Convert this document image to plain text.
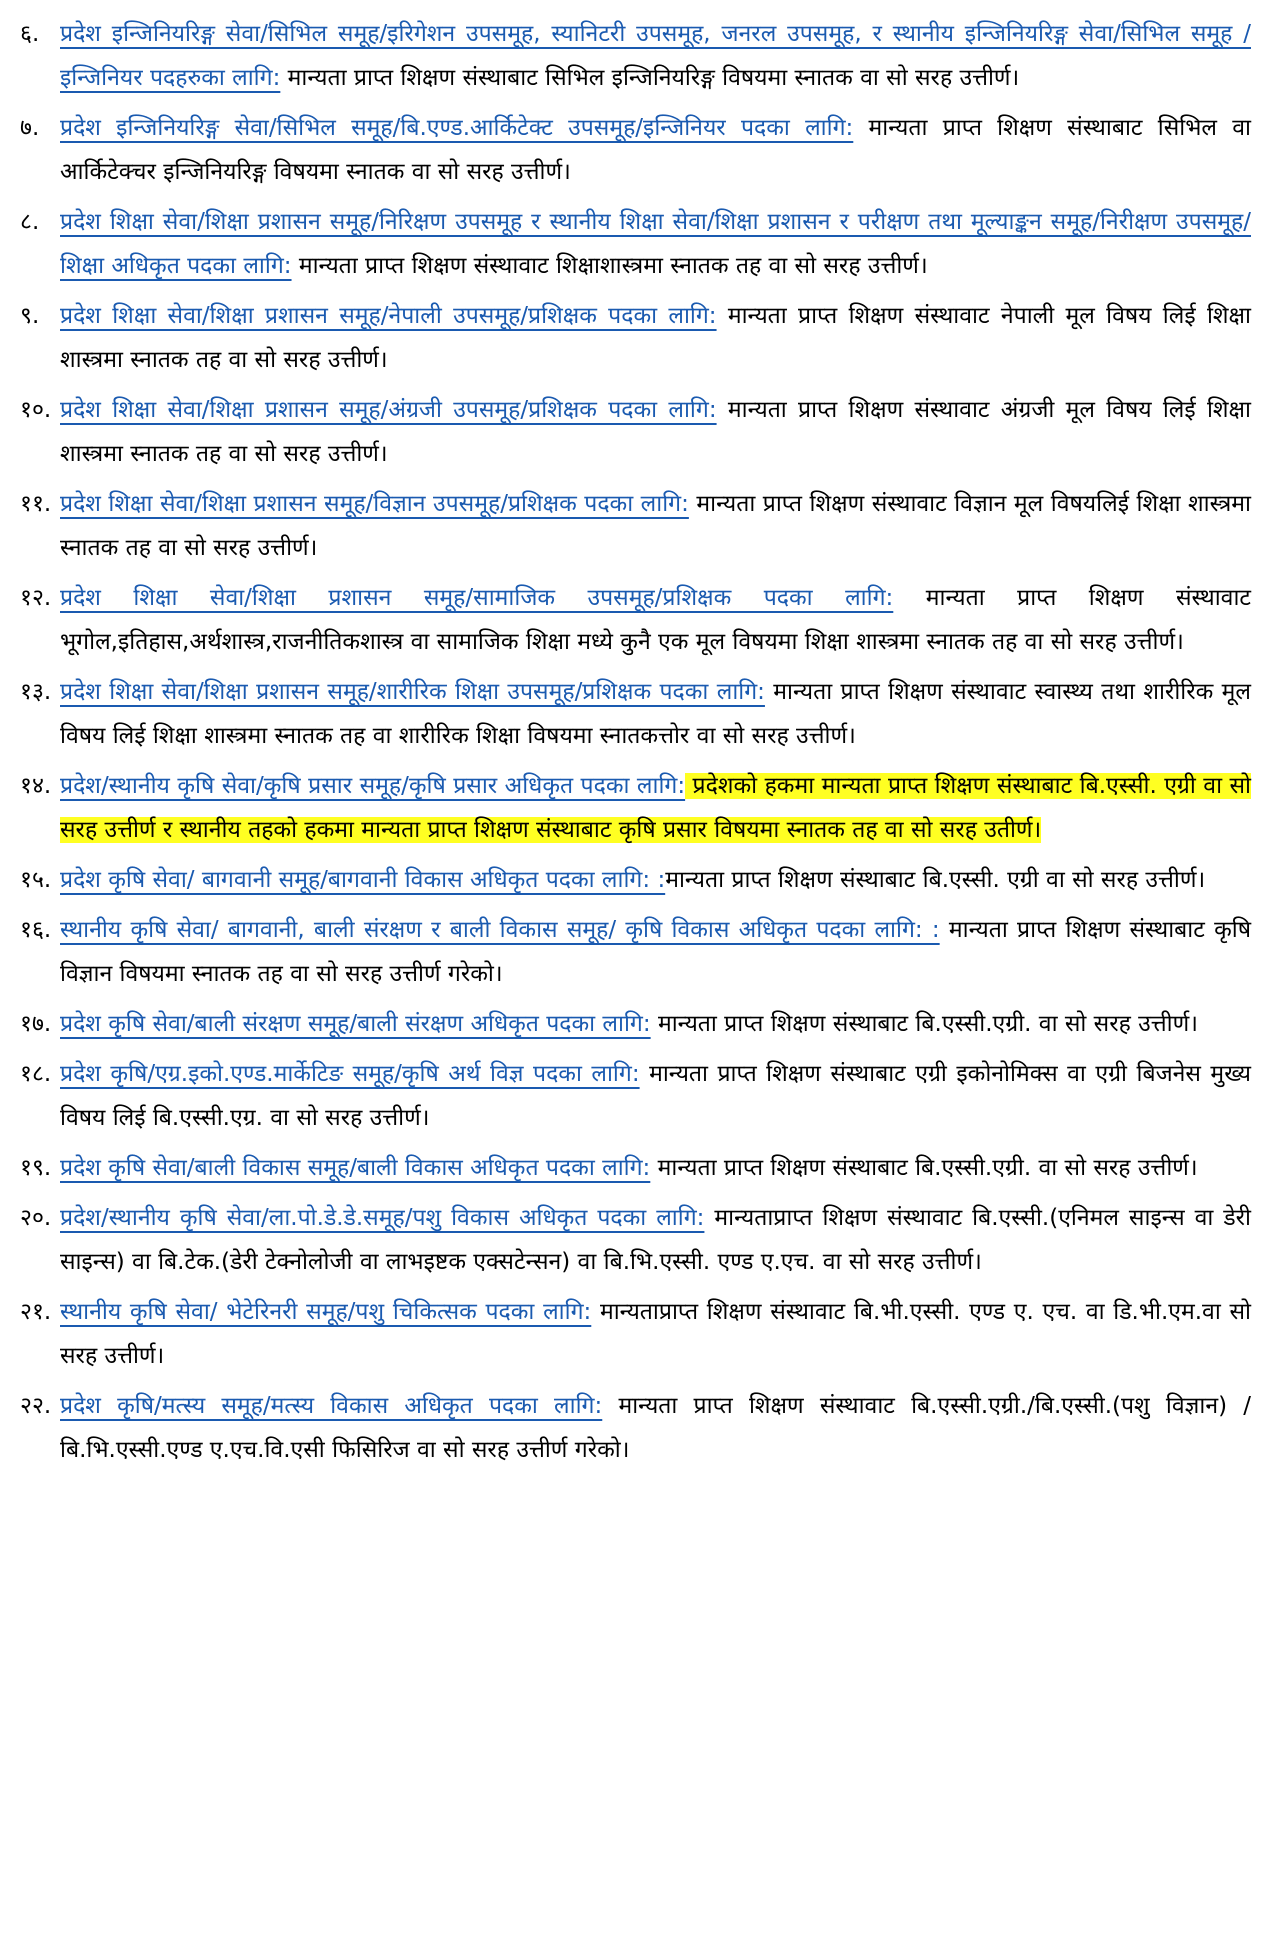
६. प्रदेश इन्जिनियरिङ्ग सेवा/सिभिल समूह/इरिगेशन उपसमूह, स्यानिटरी उपसमूह, जनरल उपसमूह, र स्थानीय इन्जिनियरिङ्ग सेवा/सिभिल समूह /इन्जिनियर पदहरुका लागि: मान्यता प्राप्त शिक्षण संस्थाबाट सिभिल इन्जिनियरिङ्ग विषयमा स्नातक वा सो सरह उत्तीर्ण।
७. प्रदेश इन्जिनियरिङ्ग सेवा/सिभिल समूह/बि.एण्ड.आर्किटेक्ट उपसमूह/इन्जिनियर पदका लागि: मान्यता प्राप्त शिक्षण संस्थाबाट सिभिल वा आर्किटेक्चर इन्जिनियरिङ्ग विषयमा स्नातक वा सो सरह उत्तीर्ण।
८. प्रदेश शिक्षा सेवा/शिक्षा प्रशासन समूह/निरिक्षण उपसमूह र स्थानीय शिक्षा सेवा/शिक्षा प्रशासन र परीक्षण तथा मूल्याङ्कन समूह/निरीक्षण उपसमूह/शिक्षा अधिकृत पदका लागि: मान्यता प्राप्त शिक्षण संस्थावाट शिक्षाशास्त्रमा स्नातक तह वा सो सरह उत्तीर्ण।
९. प्रदेश शिक्षा सेवा/शिक्षा प्रशासन समूह/नेपाली उपसमूह/प्रशिक्षक पदका लागि: मान्यता प्राप्त शिक्षण संस्थावाट नेपाली मूल विषय लिई शिक्षा शास्त्रमा स्नातक तह वा सो सरह उत्तीर्ण।
१०. प्रदेश शिक्षा सेवा/शिक्षा प्रशासन समूह/अंग्रजी उपसमूह/प्रशिक्षक पदका लागि: मान्यता प्राप्त शिक्षण संस्थावाट अंग्रजी मूल विषय लिई शिक्षा शास्त्रमा स्नातक तह वा सो सरह उत्तीर्ण।
११. प्रदेश शिक्षा सेवा/शिक्षा प्रशासन समूह/विज्ञान उपसमूह/प्रशिक्षक पदका लागि: मान्यता प्राप्त शिक्षण संस्थावाट विज्ञान मूल विषयलिई शिक्षा शास्त्रमा स्नातक तह वा सो सरह उत्तीर्ण।
१२. प्रदेश शिक्षा सेवा/शिक्षा प्रशासन समूह/सामाजिक उपसमूह/प्रशिक्षक पदका लागि: मान्यता प्राप्त शिक्षण संस्थावाट भूगोल,इतिहास,अर्थशास्त्र,राजनीतिकशास्त्र वा सामाजिक शिक्षा मध्ये कुनै एक मूल विषयमा शिक्षा शास्त्रमा स्नातक तह वा सो सरह उत्तीर्ण।
१३. प्रदेश शिक्षा सेवा/शिक्षा प्रशासन समूह/शारीरिक शिक्षा उपसमूह/प्रशिक्षक पदका लागि: मान्यता प्राप्त शिक्षण संस्थावाट स्वास्थ्य तथा शारीरिक मूल विषय लिई शिक्षा शास्त्रमा स्नातक तह वा शारीरिक शिक्षा विषयमा स्नातकत्तोर वा सो सरह उत्तीर्ण।
१४. प्रदेश/स्थानीय कृषि सेवा/कृषि प्रसार समूह/कृषि प्रसार अधिकृत पदका लागि: प्रदेशको हकमा मान्यता प्राप्त शिक्षण संस्थाबाट बि.एस्सी. एग्री वा सो सरह उत्तीर्ण र स्थानीय तहको हकमा मान्यता प्राप्त शिक्षण संस्थाबाट कृषि प्रसार विषयमा स्नातक तह वा सो सरह उतीर्ण।
१५. प्रदेश कृषि सेवा/ बागवानी समूह/बागवानी विकास अधिकृत पदका लागि: :मान्यता प्राप्त शिक्षण संस्थाबाट बि.एस्सी. एग्री वा सो सरह उत्तीर्ण।
१६. स्थानीय कृषि सेवा/ बागवानी, बाली संरक्षण र बाली विकास समूह/ कृषि विकास अधिकृत पदका लागि: : मान्यता प्राप्त शिक्षण संस्थाबाट कृषि विज्ञान विषयमा स्नातक तह वा सो सरह उत्तीर्ण गरेको।
१७. प्रदेश कृषि सेवा/बाली संरक्षण समूह/बाली संरक्षण अधिकृत पदका लागि: मान्यता प्राप्त शिक्षण संस्थाबाट बि.एस्सी.एग्री. वा सो सरह उत्तीर्ण।
१८. प्रदेश कृषि/एग्र.इको.एण्ड.मार्केटिङ समूह/कृषि अर्थ विज्ञ पदका लागि: मान्यता प्राप्त शिक्षण संस्थाबाट एग्री इकोनोमिक्स वा एग्री बिजनेस मुख्य विषय लिई बि.एस्सी.एग्र. वा सो सरह उत्तीर्ण।
१९. प्रदेश कृषि सेवा/बाली विकास समूह/बाली विकास अधिकृत पदका लागि: मान्यता प्राप्त शिक्षण संस्थाबाट बि.एस्सी.एग्री. वा सो सरह उत्तीर्ण।
२०. प्रदेश/स्थानीय कृषि सेवा/ला.पो.डे.डे.समूह/पशु विकास अधिकृत पदका लागि: मान्यताप्राप्त शिक्षण संस्थावाट बि.एस्सी.(एनिमल साइन्स वा डेरी साइन्स) वा बि.टेक.(डेरी टेक्नोलोजी वा लाभइष्टक एक्सटेन्सन) वा बि.भि.एस्सी. एण्ड ए.एच. वा सो सरह उत्तीर्ण।
२१. स्थानीय कृषि सेवा/ भेटेरिनरी समूह/पशु चिकित्सक पदका लागि: मान्यताप्राप्त शिक्षण संस्थावाट बि.भी.एस्सी. एण्ड ए. एच. वा डि.भी.एम.वा सो सरह उत्तीर्ण।
२२. प्रदेश कृषि/मत्स्य समूह/मत्स्य विकास अधिकृत पदका लागि: मान्यता प्राप्त शिक्षण संस्थावाट बि.एस्सी.एग्री./बि.एस्सी.(पशु विज्ञान) /बि.भि.एस्सी.एण्ड ए.एच.वि.एसी फिसिरिज वा सो सरह उत्तीर्ण गरेको।
